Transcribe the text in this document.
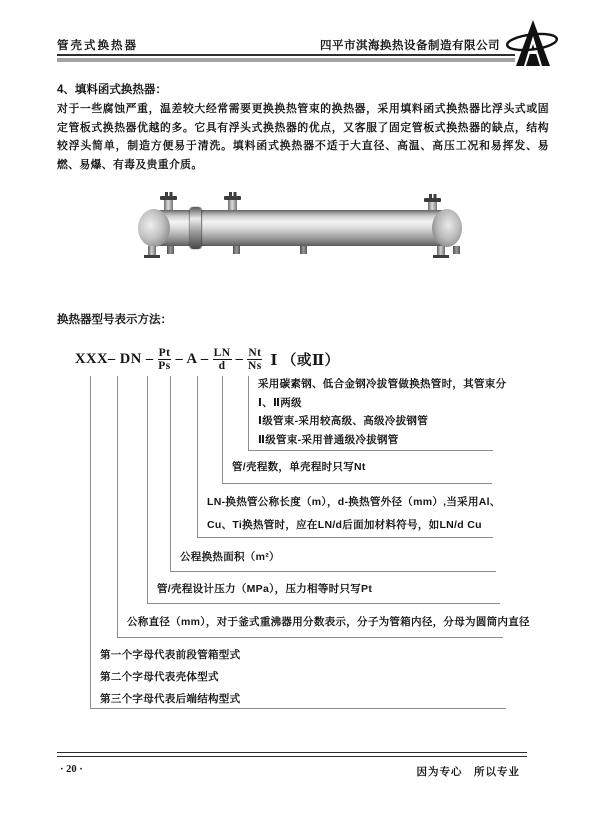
管壳式换热器	四平市淇海换热设备制造有限公司
4、填料函式换热器：
对于一些腐蚀严重，温差较大经常需要更换换热管束的换热器，采用填料函式换热器比浮头式或固定管板式换热器优越的多。它具有浮头式换热器的优点，又客服了固定管板式换热器的缺点，结构较浮头简单，制造方便易于清洗。填料函式换热器不适于大直径、高温、高压工况和易挥发、易燃、易爆、有毒及贵重介质。
换热器型号表示方法：
XXX– DN – $\frac{Pt}{Ps}$ – A – $\frac{LN}{d} - \frac{Nt}{Ns}$ Ⅰ （或Ⅱ）
采用碳素钢、低合金钢冷拔管做换热管时，其管束分
Ⅰ、Ⅱ两级
Ⅰ级管束-采用较高级、高级冷拔钢管
Ⅱ级管束-采用普通级冷拔钢管
管/壳程数，单壳程时只写Nt
LN-换热管公称长度（m），d-换热管外径（mm）,当采用Al、
Cu、Ti换热管时，应在LN/d后面加材料符号，如LN/d Cu
公程换热面积（m²）
管/壳程设计压力（MPa），压力相等时只写Pt
公称直径（mm），对于釜式重沸器用分数表示，分子为管箱内径，分母为圆筒内直径
第一个字母代表前段管箱型式
第二个字母代表壳体型式
第三个字母代表后端结构型式
· 20 ·	因为专心　所以专业
